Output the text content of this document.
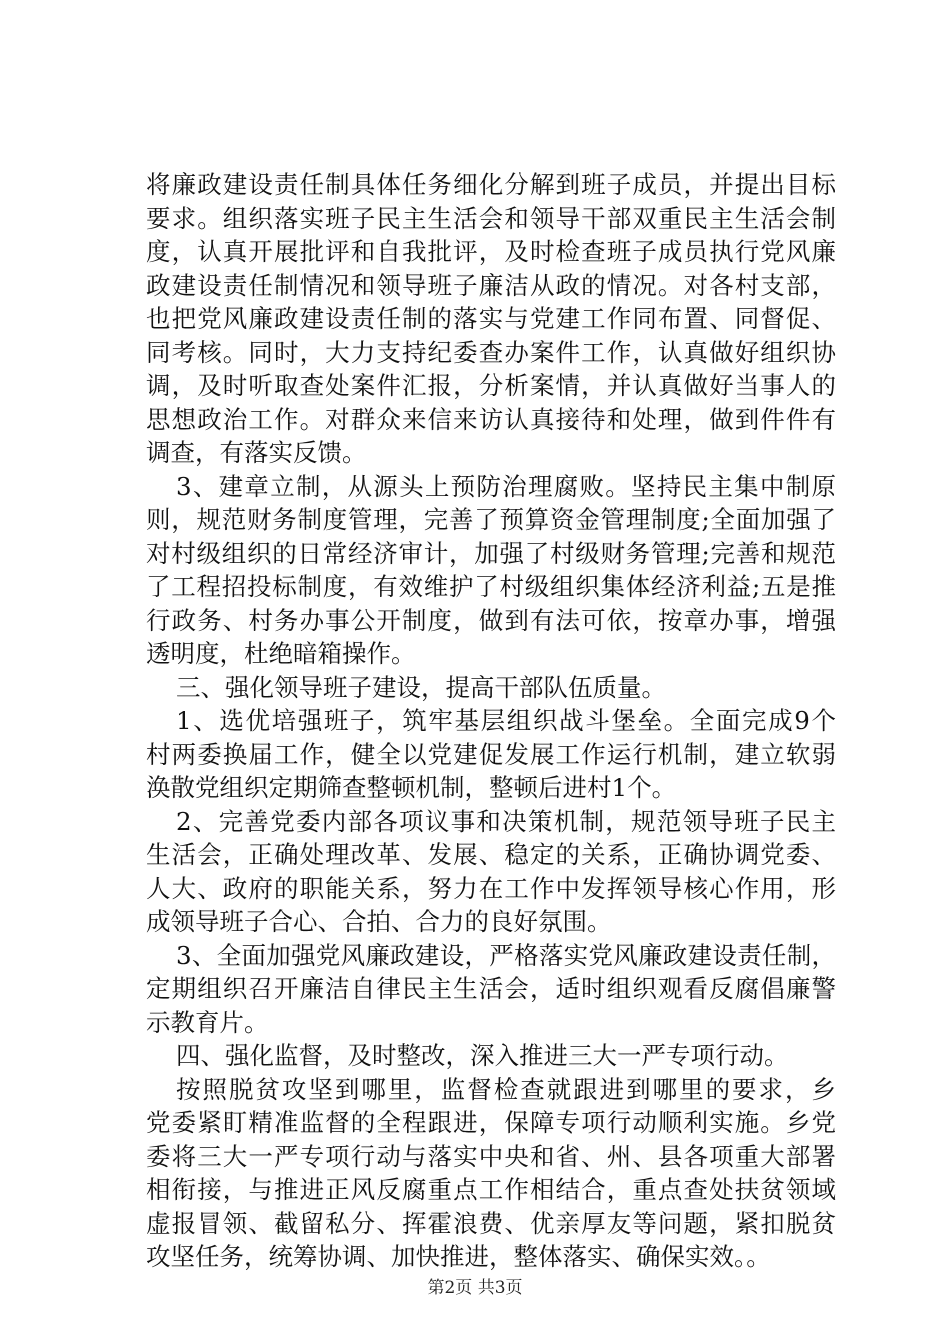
将廉政建设责任制具体任务细化分解到班子成员，并提出目标
要求。组织落实班子民主生活会和领导干部双重民主生活会制
度，认真开展批评和自我批评，及时检查班子成员执行党风廉
政建设责任制情况和领导班子廉洁从政的情况。对各村支部，
也把党风廉政建设责任制的落实与党建工作同布置、同督促、
同考核。同时，大力支持纪委查办案件工作，认真做好组织协
调，及时听取查处案件汇报，分析案情，并认真做好当事人的
思想政治工作。对群众来信来访认真接待和处理，做到件件有
调查，有落实反馈。
3、建章立制，从源头上预防治理腐败。坚持民主集中制原
则，规范财务制度管理，完善了预算资金管理制度;全面加强了
对村级组织的日常经济审计，加强了村级财务管理;完善和规范
了工程招投标制度，有效维护了村级组织集体经济利益;五是推
行政务、村务办事公开制度，做到有法可依，按章办事，增强
透明度，杜绝暗箱操作。
三、强化领导班子建设，提高干部队伍质量。
1、选优培强班子，筑牢基层组织战斗堡垒。全面完成9个
村两委换届工作，健全以党建促发展工作运行机制，建立软弱
涣散党组织定期筛查整顿机制，整顿后进村1个。
2、完善党委内部各项议事和决策机制，规范领导班子民主
生活会，正确处理改革、发展、稳定的关系，正确协调党委、
人大、政府的职能关系，努力在工作中发挥领导核心作用，形
成领导班子合心、合拍、合力的良好氛围。
3、全面加强党风廉政建设，严格落实党风廉政建设责任制，
定期组织召开廉洁自律民主生活会，适时组织观看反腐倡廉警
示教育片。
四、强化监督，及时整改，深入推进三大一严专项行动。
按照脱贫攻坚到哪里，监督检查就跟进到哪里的要求，乡
党委紧盯精准监督的全程跟进，保障专项行动顺利实施。乡党
委将三大一严专项行动与落实中央和省、州、县各项重大部署
相衔接，与推进正风反腐重点工作相结合，重点查处扶贫领域
虚报冒领、截留私分、挥霍浪费、优亲厚友等问题，紧扣脱贫
攻坚任务，统筹协调、加快推进，整体落实、确保实效。。
第2页 共3页
